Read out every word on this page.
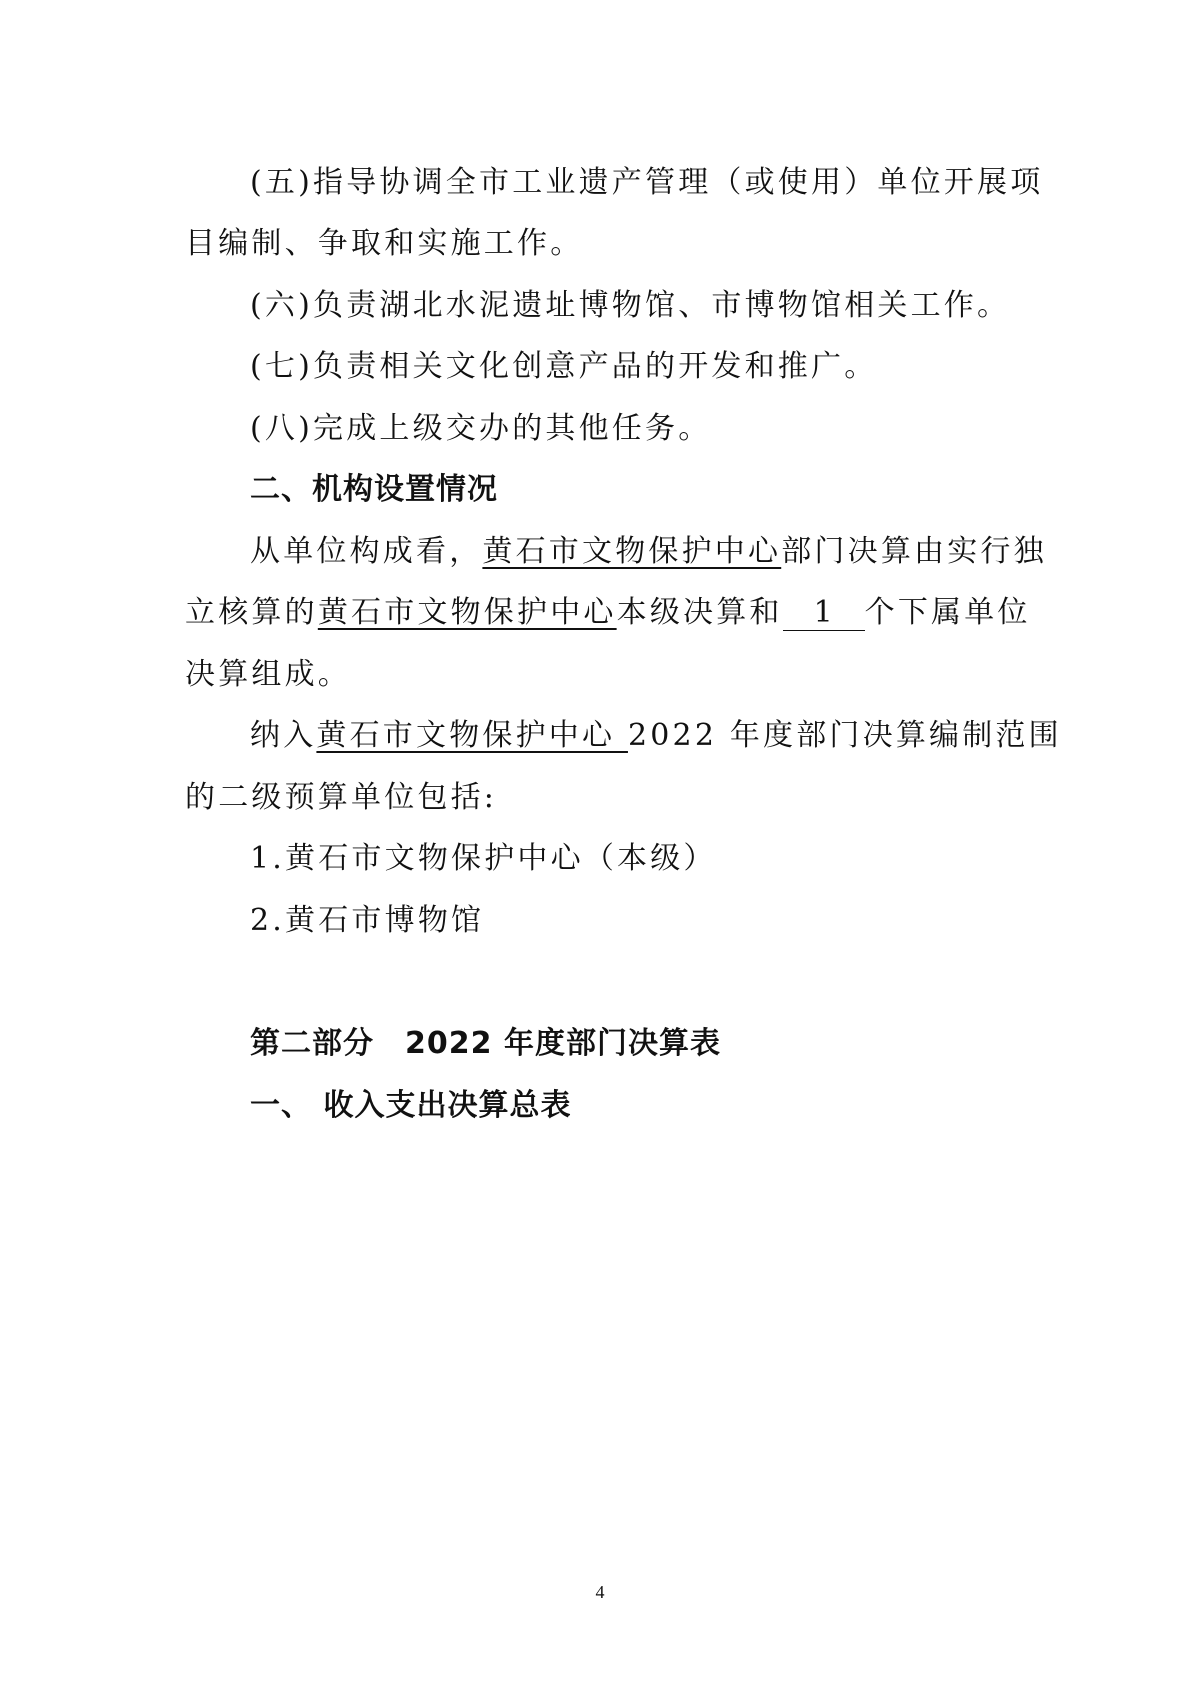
(五)指导协调全市工业遗产管理（或使用）单位开展项
目编制、争取和实施工作。
(六)负责湖北水泥遗址博物馆、市博物馆相关工作。
(七)负责相关文化创意产品的开发和推广。
(八)完成上级交办的其他任务。
二、机构设置情况
从单位构成看，黄石市文物保护中心部门决算由实行独
立核算的黄石市文物保护中心本级决算和 1 个下属单位
决算组成。
纳入黄石市文物保护中心 2022 年度部门决算编制范围
的二级预算单位包括:
1.黄石市文物保护中心（本级）
2.黄石市博物馆
第二部分　2022 年度部门决算表
一、 收入支出决算总表
4
